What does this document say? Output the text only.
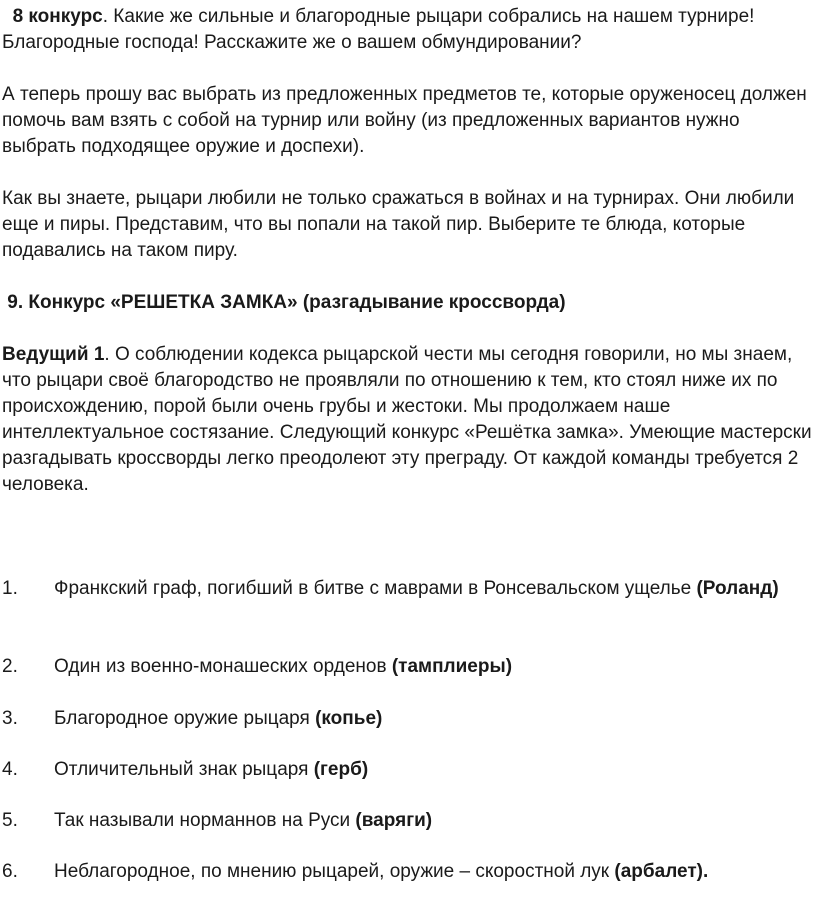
8 конкурс. Какие же сильные и благородные рыцари собрались на нашем турнире! Благородные господа! Расскажите же о вашем обмундировании?

А теперь прошу вас выбрать из предложенных предметов те, которые оруженосец должен помочь вам взять с собой на турнир или войну (из предложенных вариантов нужно выбрать подходящее оружие и доспехи).

Как вы знаете, рыцари любили не только сражаться в войнах и на турнирах. Они любили еще и пиры. Представим, что вы попали на такой пир. Выберите те блюда, которые подавались на таком пиру.

9. Конкурс «РЕШЕТКА ЗАМКА» (разгадывание кроссворда)

Ведущий 1. О соблюдении кодекса рыцарской чести мы сегодня говорили, но мы знаем, что рыцари своё благородство не проявляли по отношению к тем, кто стоял ниже их по происхождению, порой были очень грубы и жестоки. Мы продолжаем наше интеллектуальное состязание. Следующий конкурс «Решётка замка». Умеющие мастерски разгадывать кроссворды легко преодолеют эту преграду. От каждой команды требуется 2 человека.

1. Франкский граф, погибший в битве с маврами в Ронсевальском ущелье (Роланд)

2. Один из военно-монашеских орденов (тамплиеры)

3. Благородное оружие рыцаря (копье)

4. Отличительный знак рыцаря (герб)

5. Так называли норманнов на Руси (варяги)

6. Неблагородное, по мнению рыцарей, оружие – скоростной лук (арбалет).
